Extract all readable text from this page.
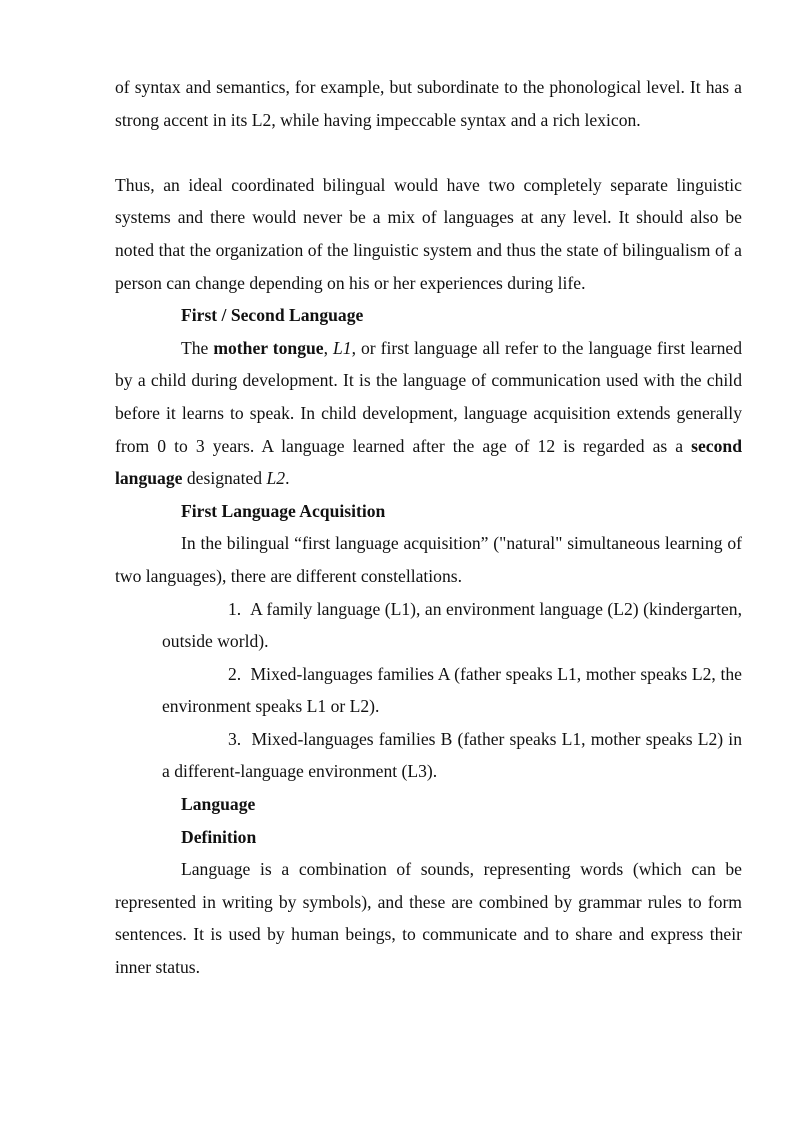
of syntax and semantics, for example, but subordinate to the phonological level. It has a strong accent in its L2, while having impeccable syntax and a rich lexicon.

Thus, an ideal coordinated bilingual would have two completely separate linguistic systems and there would never be a mix of languages at any level. It should also be noted that the organization of the linguistic system and thus the state of bilingualism of a person can change depending on his or her experiences during life.

First / Second Language

The mother tongue, L1, or first language all refer to the language first learned by a child during development. It is the language of communication used with the child before it learns to speak. In child development, language acquisition extends generally from 0 to 3 years. A language learned after the age of 12 is regarded as a second language designated L2.

First Language Acquisition

In the bilingual “first language acquisition” ("natural" simultaneous learning of two languages), there are different constellations.

1. A family language (L1), an environment language (L2) (kindergarten, outside world).

2. Mixed-languages families A (father speaks L1, mother speaks L2, the environment speaks L1 or L2).

3. Mixed-languages families B (father speaks L1, mother speaks L2) in a different-language environment (L3).

Language
Definition

Language is a combination of sounds, representing words (which can be represented in writing by symbols), and these are combined by grammar rules to form sentences. It is used by human beings, to communicate and to share and express their inner status.
